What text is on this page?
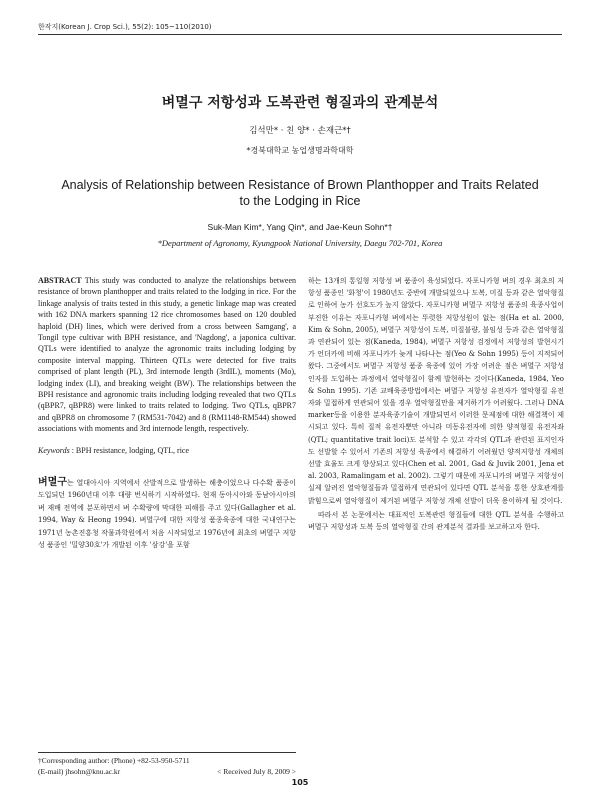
한작지(Korean J. Crop Sci.), 55(2): 105~110(2010)
벼멸구 저항성과 도복관련 형질과의 관계분석
김석만* · 친 양* · 손재근*†
*경북대학교 농업생명과학대학
Analysis of Relationship between Resistance of Brown Planthopper and Traits Related to the Lodging in Rice
Suk-Man Kim*, Yang Qin*, and Jae-Keun Sohn*†
*Department of Agronomy, Kyungpook National University, Daegu 702-701, Korea
ABSTRACT This study was conducted to analyze the relationships between resistance of brown planthopper and traits related to the lodging in rice. For the linkage analysis of traits tested in this study, a genetic linkage map was created with 162 DNA markers spanning 12 rice chromosomes based on 120 doubled haploid (DH) lines, which were derived from a cross between Samgang', a Tongil type cultivar with BPH resistance, and 'Nagdong', a japonica cultivar. QTLs were identified to analyze the agronomic traits including lodging by composite interval mapping. Thirteen QTLs were detected for five traits comprised of plant length (PL), 3rd internode length (3rdIL), moments (Mo), lodging index (LI), and breaking weight (BW). The relationships between the BPH resistance and agronomic traits including lodging revealed that two QTLs (qBPR7, qBPR8) were linked to traits related to lodging. Two QTLs, qBPR7 and qBPR8 on chromosome 7 (RM531-7042) and 8 (RM1148-RM544) showed associations with moments and 3rd internode length, respectively.
Keywords : BPH resistance, lodging, QTL, rice
벼멸구는 열대아시아 지역에서 산발적으로 발생하는 해충이었으나 다수확 품종이 도입되던 1960년대 이후 대량 번식하기 시작하였다. 현재 동아시아와 동남아시아의 벼 재배 전역에 분포하면서 벼 수확량에 막대한 피해를 주고 있다(Gallagher et al. 1994, Way & Heong 1994). 벼멸구에 대한 저항성 품종육종에 대한 국내연구는 1971년 농촌진흥청 작물과학원에서 처음 시작되었고 1976년에 최초의 벼멸구 저항성 품종인 '밀양30호'가 개발된 이후 '삼강'을 포함

하는 13개의 통일형 저항성 벼 품종이 육성되었다. 자포니카형 벼의 경우 최초의 저항성 품종인 '화청'이 1980년도 중반에 개발되었으나 도복, 미질 등과 같은 열악형질로 인하여 농가 선호도가 높지 않았다. 자포니카형 벼멸구 저항성 품종의 육종사업이 부진한 이유는 자포니카형 벼에서는 뚜렷한 저항성원이 없는 점(Ha et al. 2000, Kim & Sohn, 2005), 벼멸구 저항성이 도복, 미질불량, 불임성 등과 같은 열악형질과 연관되어 있는 점(Kaneda, 1984), 벼멸구 저항성 검정에서 저항성의 발현시기가 언더카에 비해 자포니카가 늦게 나타나는 점(Yeo & Sohn 1995) 등이 지적되어 왔다. 그중에서도 벼멸구 저항성 품종 육종에 있어 가장 어려운 점은 벼멸구 저항성 인자를 도입하는 과정에서 열악형질이 함께 발현하는 것이다(Kaneda, 1984, Yeo & Sohn 1995). 기존 교배육종방법에서는 벼멸구 저항성 유전자가 열악형질 유전자와 밀접하게 연관되어 있을 경우 열악형질만을 제거하기가 어려웠다. 그러나 DNA marker등을 이용한 분자육종기술이 개발되면서 이러한 문제점에 대한 해결책이 제시되고 있다. 특히 질적 유전자뿐만 아니라 미동유전자에 의한 양적형질 유전자좌(QTL; quantitative trait loci)도 분석할 수 있고 각각의 QTL과 관련된 표지인자도 선발할 수 있어서 기존의 저항성 육종에서 해결하기 어려웠던 양적저항성 개체의 선발 효율도 크게 향상되고 있다(Chen et al. 2001, Gad & Juvik 2001, Jena et al. 2003, Ramalingam et al. 2002). 그렇기 때문에 자포니카의 벼멸구 저항성이 실제 알려진 열악형질들과 밀접하게 연관되어 있다면 QTL 분석을 통한 상호관계를 밝힘으로써 열악형질이 제거된 벼멸구 저항성 개체 선발이 더욱 용이하게 될 것이다.

따라서 본 논문에서는 대표적인 도복관련 형질들에 대한 QTL 분석을 수행하고 벼멸구 저항성과 도복 등의 열악형질 간의 관계분석 결과를 보고하고자 한다.

†Corresponding author: (Phone) +82-53-950-5711
(E-mail) jhsohn@knu.ac.kr	< Received July 8, 2009 >
105
